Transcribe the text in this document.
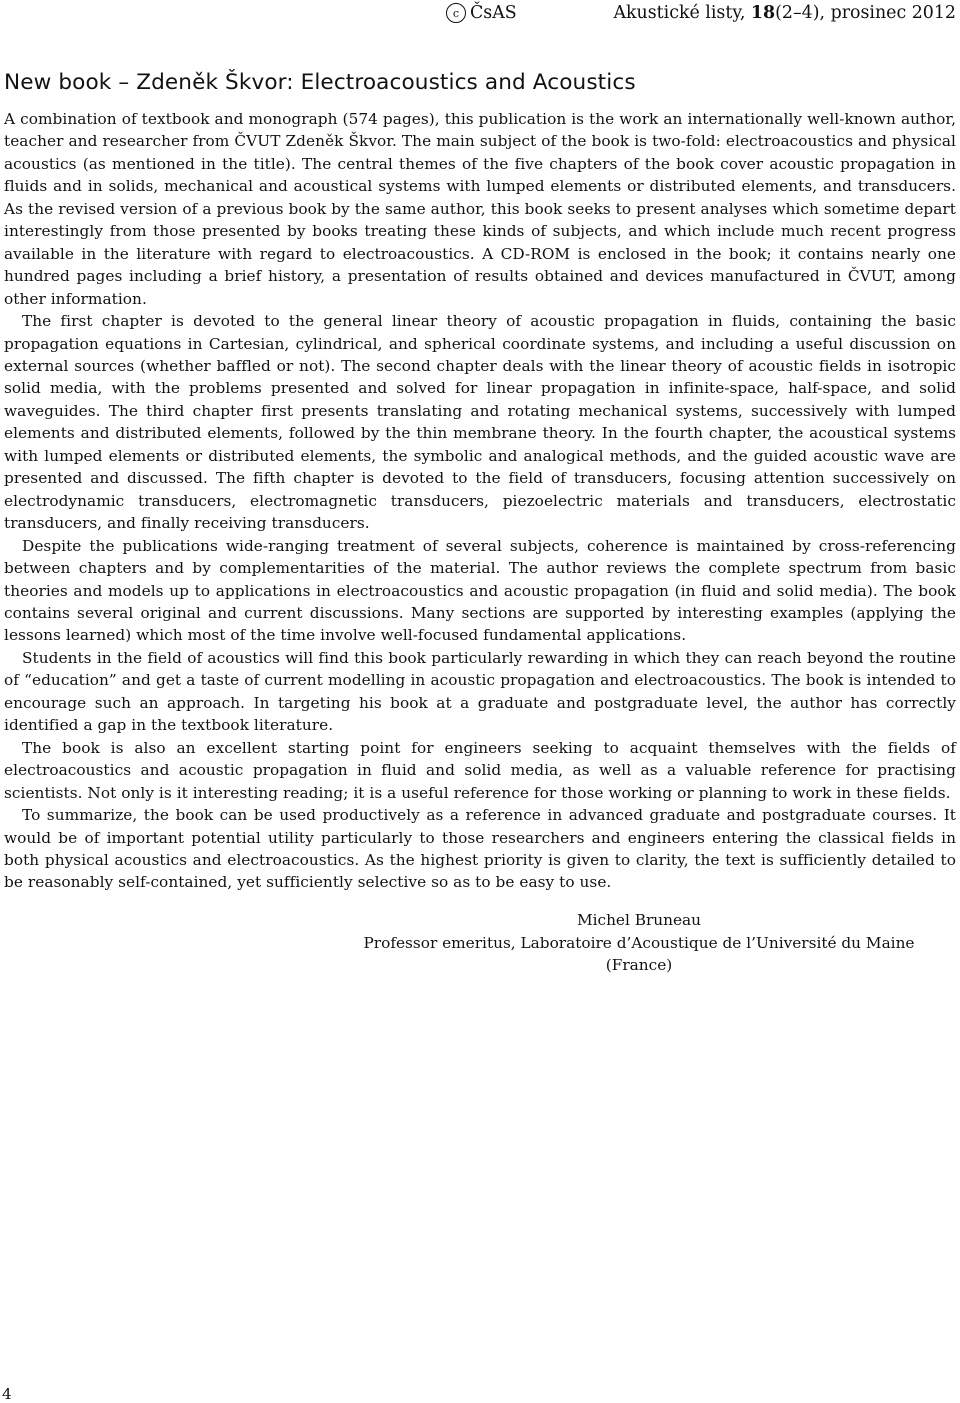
c ČsAS	Akustické listy, 18(2–4), prosinec 2012
New book – Zdeněk Škvor: Electroacoustics and Acoustics

A combination of textbook and monograph (574 pages), this publication is the work an internationally well-known author, teacher and researcher from ČVUT Zdeněk Škvor. The main subject of the book is two-fold: electroacoustics and physical acoustics (as mentioned in the title). The central themes of the five chapters of the book cover acoustic propagation in fluids and in solids, mechanical and acoustical systems with lumped elements or distributed elements, and transducers. As the revised version of a previous book by the same author, this book seeks to present analyses which sometime depart interestingly from those presented by books treating these kinds of subjects, and which include much recent progress available in the literature with regard to electroacoustics. A CD-ROM is enclosed in the book; it contains nearly one hundred pages including a brief history, a presentation of results obtained and devices manufactured in ČVUT, among other information.

The first chapter is devoted to the general linear theory of acoustic propagation in fluids, containing the basic propagation equations in Cartesian, cylindrical, and spherical coordinate systems, and including a useful discussion on external sources (whether baffled or not). The second chapter deals with the linear theory of acoustic fields in isotropic solid media, with the problems presented and solved for linear propagation in infinite-space, half-space, and solid waveguides. The third chapter first presents translating and rotating mechanical systems, successively with lumped elements and distributed elements, followed by the thin membrane theory. In the fourth chapter, the acoustical systems with lumped elements or distributed elements, the symbolic and analogical methods, and the guided acoustic wave are presented and discussed. The fifth chapter is devoted to the field of transducers, focusing attention successively on electrodynamic transducers, electromagnetic transducers, piezoelectric materials and transducers, electrostatic transducers, and finally receiving transducers.

Despite the publications wide-ranging treatment of several subjects, coherence is maintained by cross-referencing between chapters and by complementarities of the material. The author reviews the complete spectrum from basic theories and models up to applications in electroacoustics and acoustic propagation (in fluid and solid media). The book contains several original and current discussions. Many sections are supported by interesting examples (applying the lessons learned) which most of the time involve well-focused fundamental applications.

Students in the field of acoustics will find this book particularly rewarding in which they can reach beyond the routine of “education” and get a taste of current modelling in acoustic propagation and electroacoustics. The book is intended to encourage such an approach. In targeting his book at a graduate and postgraduate level, the author has correctly identified a gap in the textbook literature.

The book is also an excellent starting point for engineers seeking to acquaint themselves with the fields of electroacoustics and acoustic propagation in fluid and solid media, as well as a valuable reference for practising scientists. Not only is it interesting reading; it is a useful reference for those working or planning to work in these fields.

To summarize, the book can be used productively as a reference in advanced graduate and postgraduate courses. It would be of important potential utility particularly to those researchers and engineers entering the classical fields in both physical acoustics and electroacoustics. As the highest priority is given to clarity, the text is sufficiently detailed to be reasonably self-contained, yet sufficiently selective so as to be easy to use.

Michel Bruneau
Professor emeritus, Laboratoire d’Acoustique de l’Université du Maine
(France)
4
